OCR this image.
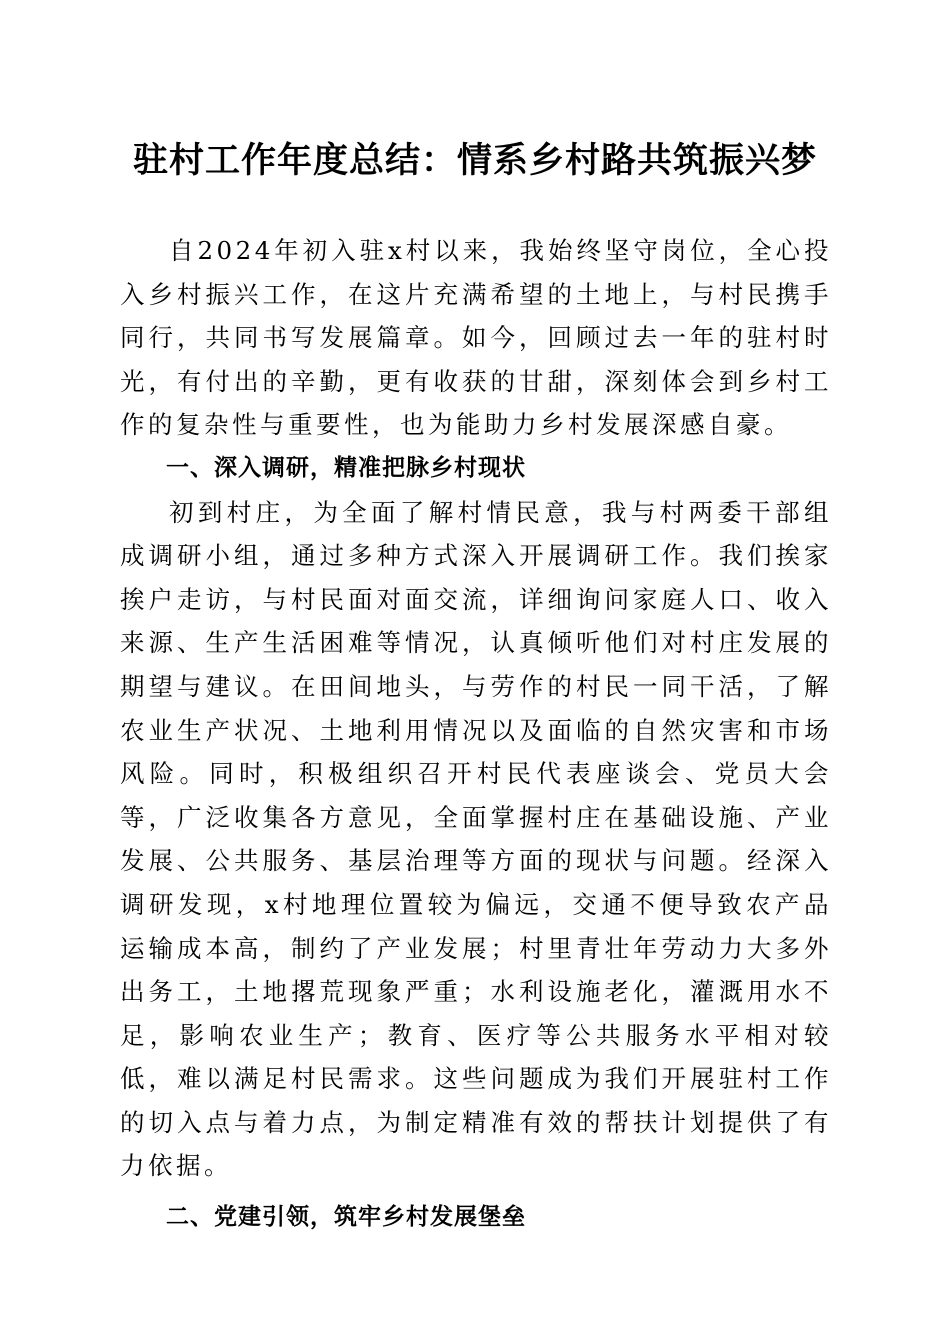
驻村工作年度总结：情系乡村路共筑振兴梦

自2024年初入驻x村以来，我始终坚守岗位，全心投入乡村振兴工作，在这片充满希望的土地上，与村民携手同行，共同书写发展篇章。如今，回顾过去一年的驻村时光，有付出的辛勤，更有收获的甘甜，深刻体会到乡村工作的复杂性与重要性，也为能助力乡村发展深感自豪。

一、深入调研，精准把脉乡村现状

初到村庄，为全面了解村情民意，我与村两委干部组成调研小组，通过多种方式深入开展调研工作。我们挨家挨户走访，与村民面对面交流，详细询问家庭人口、收入来源、生产生活困难等情况，认真倾听他们对村庄发展的期望与建议。在田间地头，与劳作的村民一同干活，了解农业生产状况、土地利用情况以及面临的自然灾害和市场风险。同时，积极组织召开村民代表座谈会、党员大会等，广泛收集各方意见，全面掌握村庄在基础设施、产业发展、公共服务、基层治理等方面的现状与问题。经深入调研发现，x村地理位置较为偏远，交通不便导致农产品运输成本高，制约了产业发展；村里青壮年劳动力大多外出务工，土地撂荒现象严重；水利设施老化，灌溉用水不足，影响农业生产；教育、医疗等公共服务水平相对较低，难以满足村民需求。这些问题成为我们开展驻村工作的切入点与着力点，为制定精准有效的帮扶计划提供了有力依据。

二、党建引领，筑牢乡村发展堡垒
